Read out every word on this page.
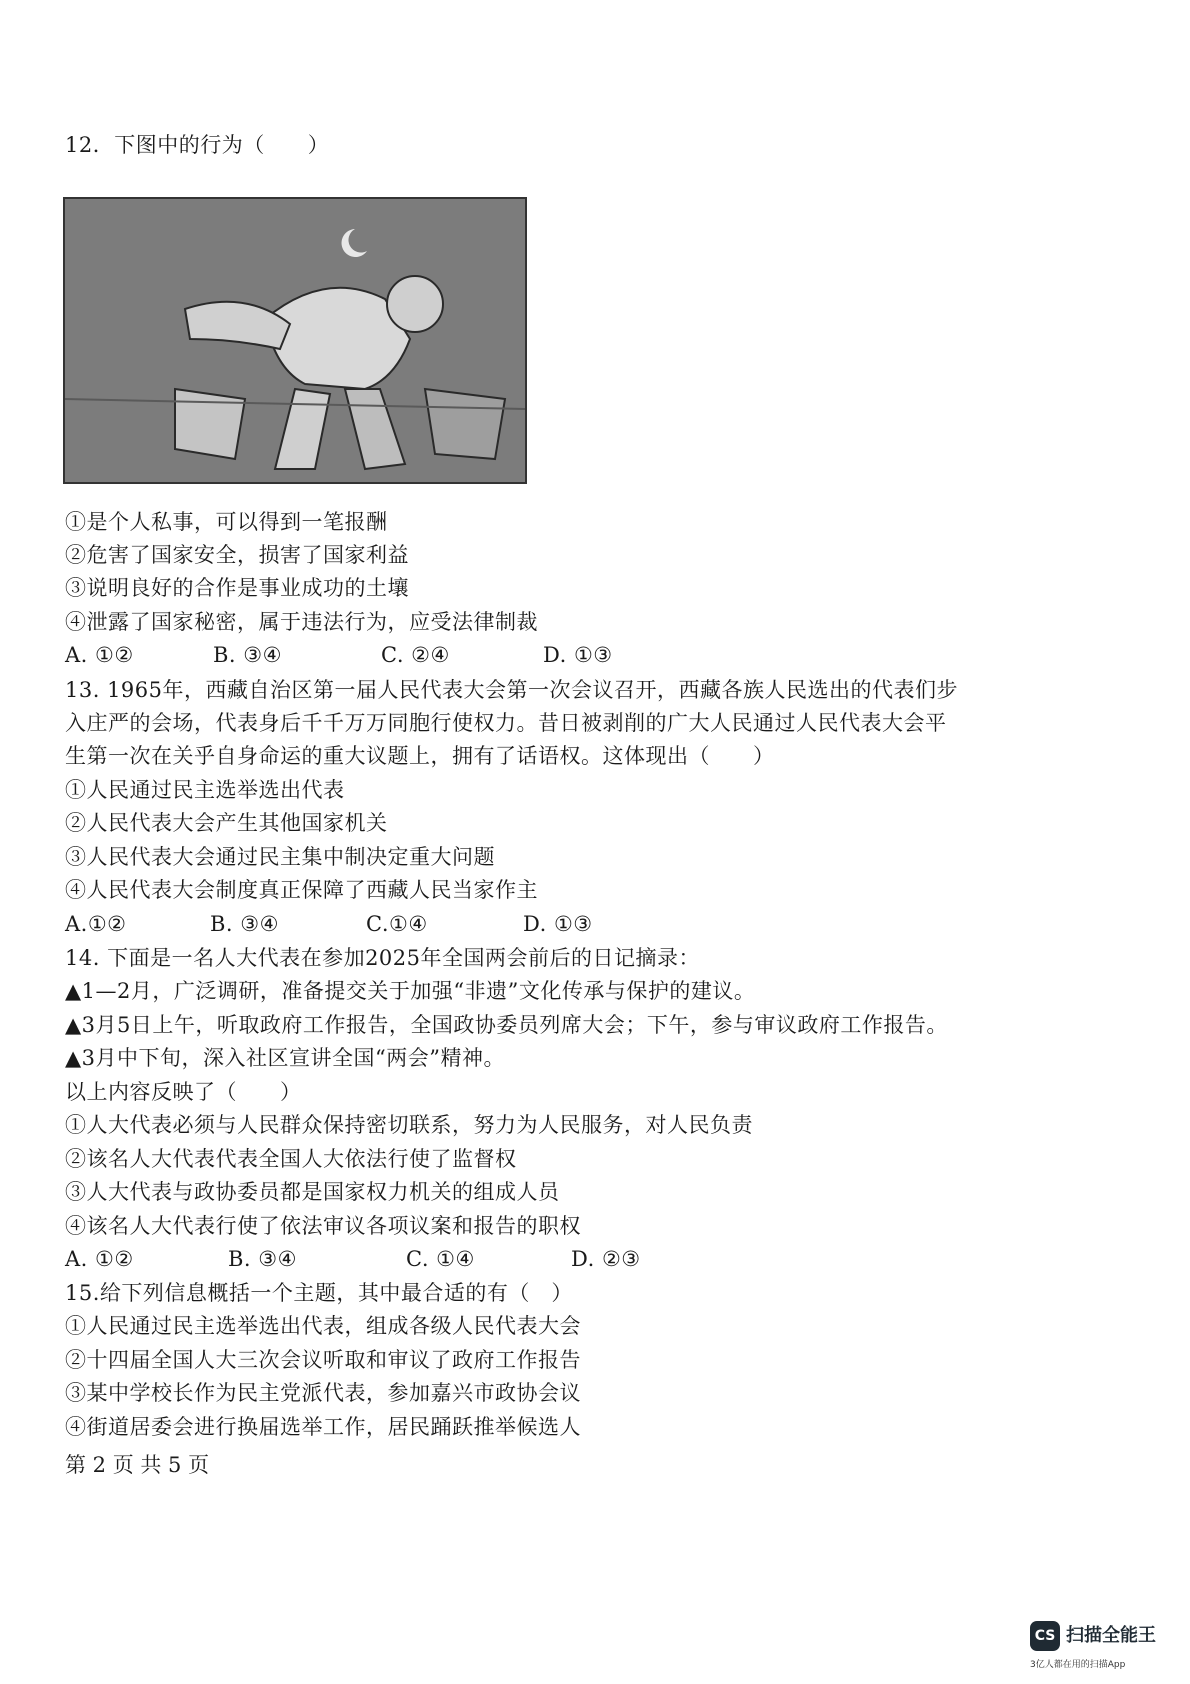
12．下图中的行为（　　）
①是个人私事，可以得到一笔报酬
②危害了国家安全，损害了国家利益
③说明良好的合作是事业成功的土壤
④泄露了国家秘密，属于违法行为，应受法律制裁
A. ①②	B. ③④	C. ②④	D. ①③
13. 1965年，西藏自治区第一届人民代表大会第一次会议召开，西藏各族人民选出的代表们步
入庄严的会场，代表身后千千万万同胞行使权力。昔日被剥削的广大人民通过人民代表大会平
生第一次在关乎自身命运的重大议题上，拥有了话语权。这体现出（　　）
①人民通过民主选举选出代表
②人民代表大会产生其他国家机关
③人民代表大会通过民主集中制决定重大问题
④人民代表大会制度真正保障了西藏人民当家作主
A.①②	B. ③④	C.①④	D. ①③
14. 下面是一名人大代表在参加2025年全国两会前后的日记摘录：
▲1—2月，广泛调研，准备提交关于加强“非遗”文化传承与保护的建议。
▲3月5日上午，听取政府工作报告，全国政协委员列席大会；下午，参与审议政府工作报告。
▲3月中下旬，深入社区宣讲全国“两会”精神。
以上内容反映了（　　）
①人大代表必须与人民群众保持密切联系，努力为人民服务，对人民负责
②该名人大代表代表全国人大依法行使了监督权
③人大代表与政协委员都是国家权力机关的组成人员
④该名人大代表行使了依法审议各项议案和报告的职权
A. ①②	B. ③④	C. ①④	D. ②③
15.给下列信息概括一个主题，其中最合适的有（　）
①人民通过民主选举选出代表，组成各级人民代表大会
②十四届全国人大三次会议听取和审议了政府工作报告
③某中学校长作为民主党派代表，参加嘉兴市政协会议
④街道居委会进行换届选举工作，居民踊跃推举候选人
第 2 页 共 5 页
CS 扫描全能王
3亿人都在用的扫描App
